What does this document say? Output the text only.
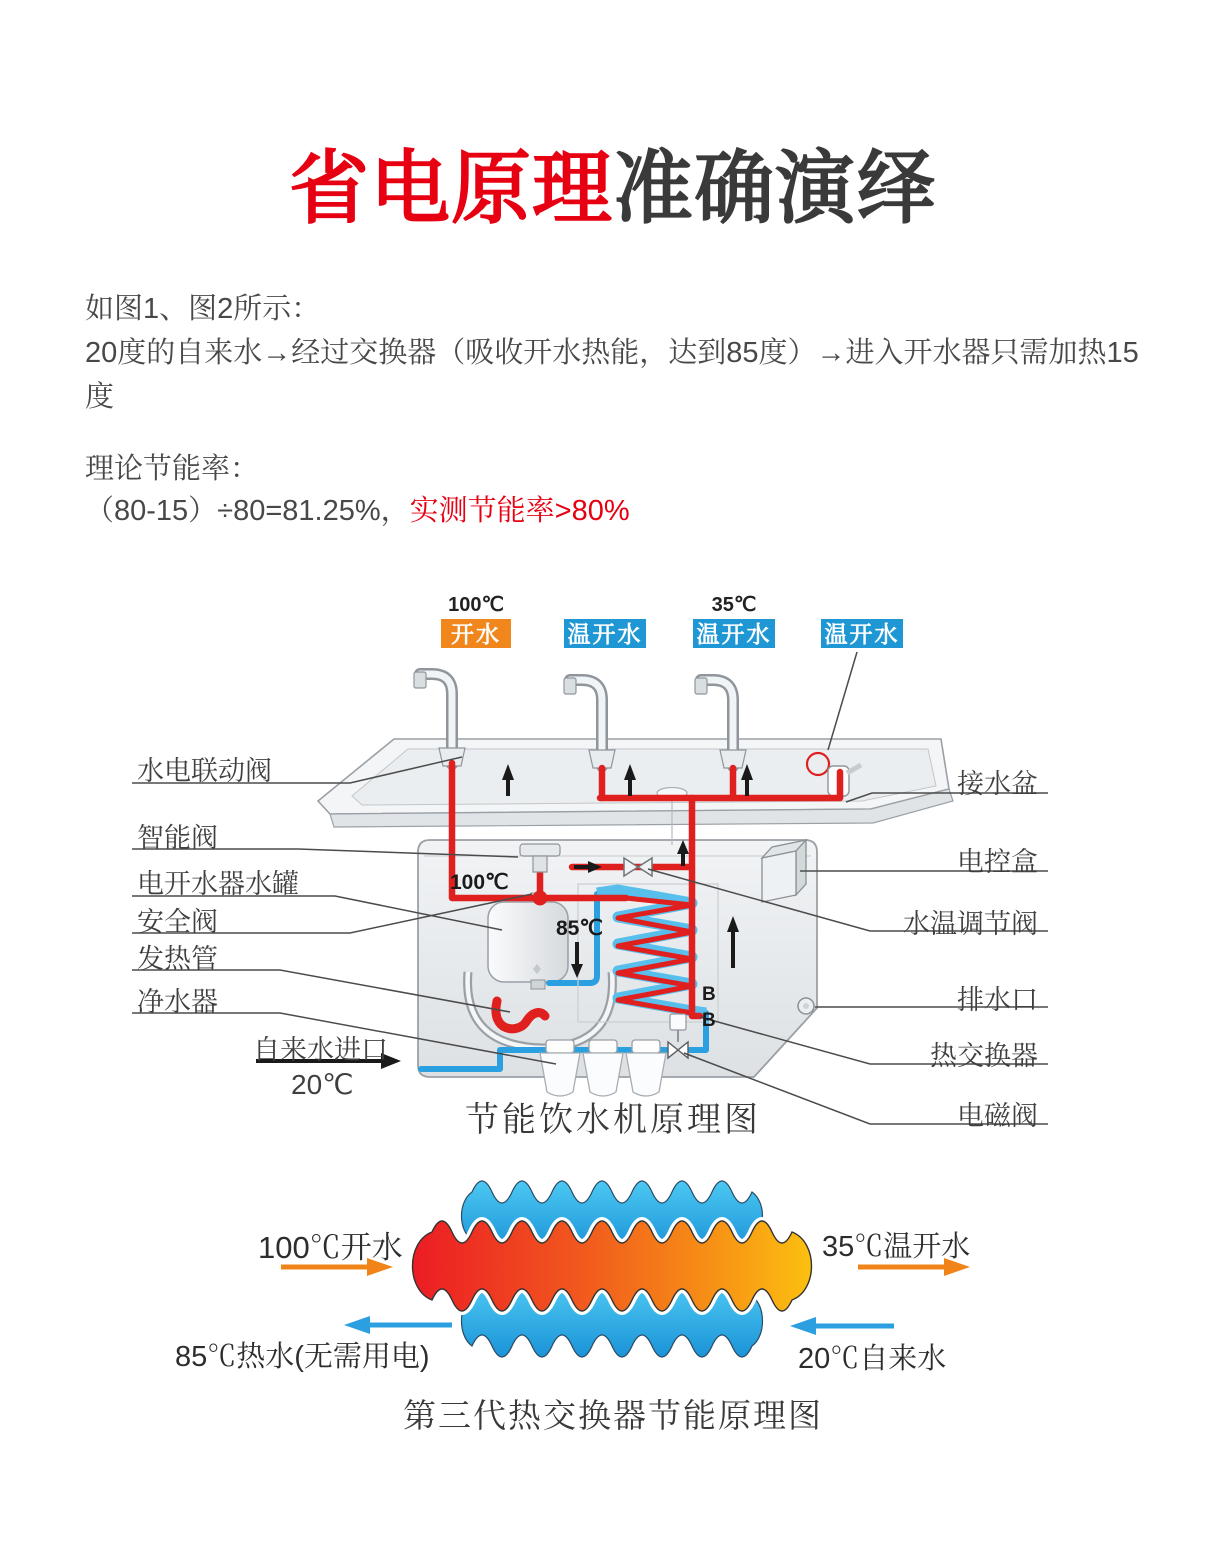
省电原理准确演绎
如图1、图2所示：
20度的自来水→经过交换器（吸收开水热能，达到85度）→进入开水器只需加热15度
理论节能率：
（80-15）÷80=81.25%，实测节能率>80%
100℃	35℃
开水	温开水 温开水 温开水
水电联动阀
智能阀
电开水器水罐
安全阀
发热管
净水器
接水盆
电控盒
水温调节阀
排水口
热交换器
电磁阀
自来水进口
20℃
100℃
85℃
B
B
节能饮水机原理图
100℃开水	35℃温开水
85℃热水(无需用电)	20℃自来水
第三代热交换器节能原理图
